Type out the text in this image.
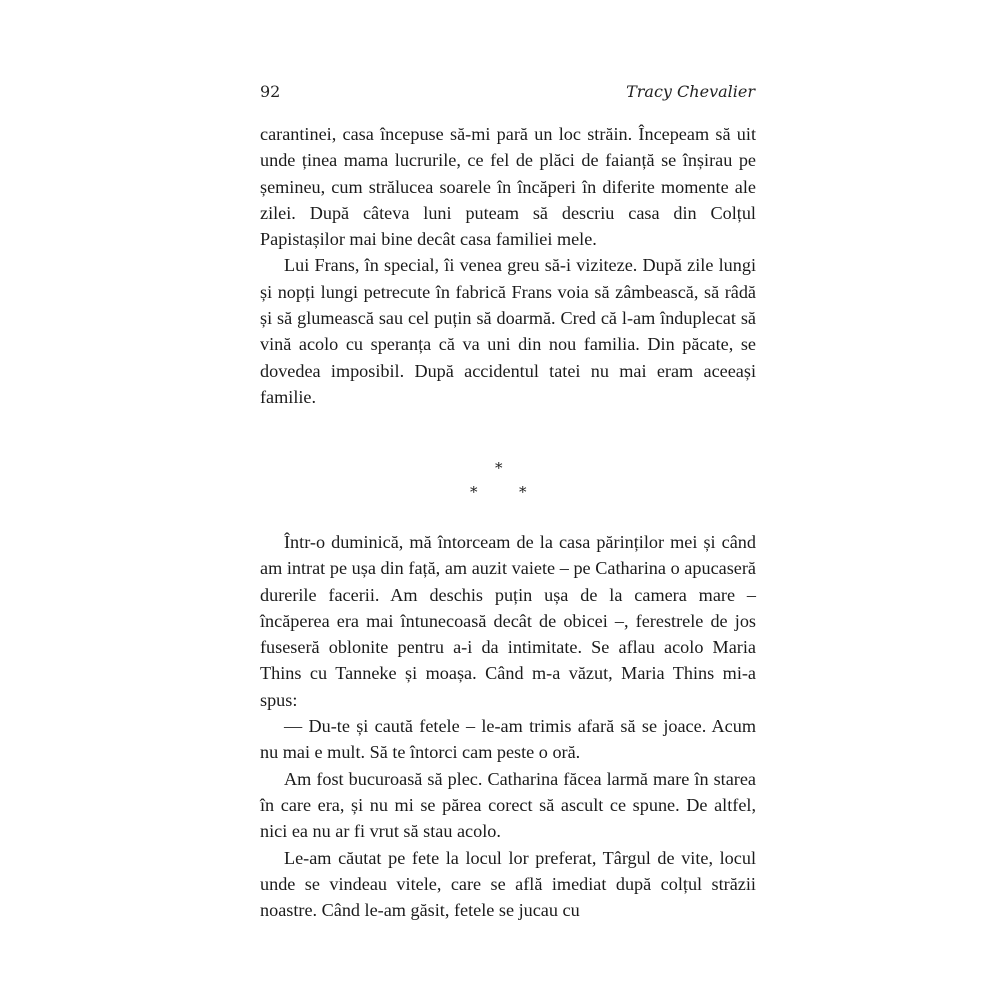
92	Tracy Chevalier

carantinei, casa începuse să-mi pară un loc străin. Începeam să uit unde ținea mama lucrurile, ce fel de plăci de faianță se înșirau pe șemineu, cum strălucea soarele în încăperi în diferite momente ale zilei. După câteva luni puteam să descriu casa din Colțul Papistașilor mai bine decât casa familiei mele.

Lui Frans, în special, îi venea greu să-i viziteze. După zile lungi și nopți lungi petrecute în fabrică Frans voia să zâmbească, să râdă și să glumească sau cel puțin să doarmă. Cred că l-am înduplecat să vină acolo cu speranța că va uni din nou familia. Din păcate, se dovedea imposibil. După accidentul tatei nu mai eram aceeași familie.

*
*	*

Într-o duminică, mă întorceam de la casa părinților mei și când am intrat pe ușa din față, am auzit vaiete – pe Catharina o apucaseră durerile facerii. Am deschis puțin ușa de la camera mare – încăperea era mai întunecoasă decât de obicei –, ferestrele de jos fuseseră oblonite pentru a-i da intimitate. Se aflau acolo Maria Thins cu Tanneke și moașa. Când m-a văzut, Maria Thins mi-a spus:

— Du-te și caută fetele – le-am trimis afară să se joace. Acum nu mai e mult. Să te întorci cam peste o oră.

Am fost bucuroasă să plec. Catharina făcea larmă mare în starea în care era, și nu mi se părea corect să ascult ce spune. De altfel, nici ea nu ar fi vrut să stau acolo.

Le-am căutat pe fete la locul lor preferat, Târgul de vite, locul unde se vindeau vitele, care se află imediat după colțul străzii noastre. Când le-am găsit, fetele se jucau cu
